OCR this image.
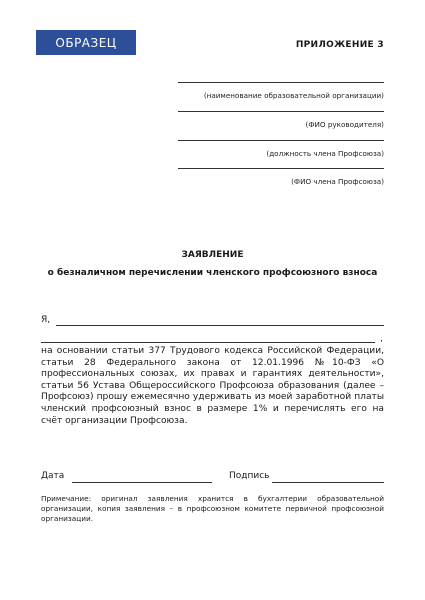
ОБРАЗЕЦ	ПРИЛОЖЕНИЕ 3
(наименование образовательной организации)
(ФИО руководителя)
(должность члена Профсоюза)
(ФИО члена Профсоюза)
ЗАЯВЛЕНИЕ
о безналичном перечислении членского профсоюзного взноса
Я,
,
на основании статьи 377 Трудового кодекса Российской Федерации, статьи 28 Федерального закона от 12.01.1996 №10-ФЗ «О профессиональных союзах, их правах и гарантиях деятельности», статьи 56 Устава Общероссийского Профсоюза образования (далее – Профсоюз) прошу ежемесячно удерживать из моей заработной платы членский профсоюзный взнос в размере 1% и перечислять его на счёт организации Профсоюза.
Дата	Подпись
Примечание: оригинал заявления хранится в бухгалтерии образовательной организации, копия заявления – в профсоюзном комитете первичной профсоюзной организации.
